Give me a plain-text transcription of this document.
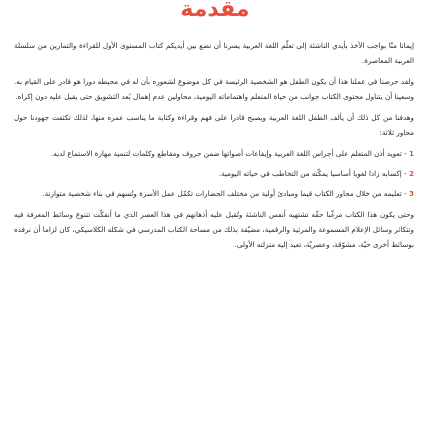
مقدمة

إيمانا منّا بواجب الأخذ بأيدي الناشئة إلى تعلّم اللغة العربية يسرنا أن نضع بين أيديكم كتاب المستوى الأول للقراءة والتمارين من سلسلة العربية المعاصرة.

ولقد حرصنا في عملنا هذا أن يكون الطفل هو الشخصية الرئيسة في كل موضوع لشعوره بأن له في محيطه دورا هو قادر على القيام به. وسعينا أن يتناول محتوى الكتاب جوانب من حياة المتعلم واهتماماته اليومية، محاولين عدم إهمال بُعد التشويق حتى يقبل عليه دون إكراه.

وهدفنا من كل ذلك أن يألف الطفل اللغة العربية ويصبح قادرا على فهم وقراءة وكتابة ما يناسب عمره منها، لذلك تكثفت جهودنا حول محاور ثلاثة:

1 - تعويد أذن المتعلم على أجراس اللغة العربية وإيقاعات أصواتها ضمن حروف ومقاطع وكلمات لتنمية مهارة الاستماع لديه.
2 - إكسابه زادا لغويا أساسيا يمكّنه من التخاطب في حياته اليومية.
3 - تعليمه من خلال محاور الكتاب قيما ومبادئ أولية من مختلف الحضارات تكمّل عمل الأسرة وتُسهم في بناء شخصية متوازنة.

وحتى يكون هذا الكتاب مرغّبا حقّه تشتهيه أنفس الناشئة وتُقبل عليه أذهانهم في هذا العصر الذي ما أنفكّت تتنوع وسائط المعرفة فيه وتتكاثر وسائل الإعلام المسموعة والمرئية والرقمية، مضيّقة بذلك من مساحة الكتاب المدرسي في شكله الكلاسيكي، كان لزاما أن نرفده بوسائط أخرى حيّة، مشوّقة، وعصريّة، تعيد إليه منزلته الأولى.
